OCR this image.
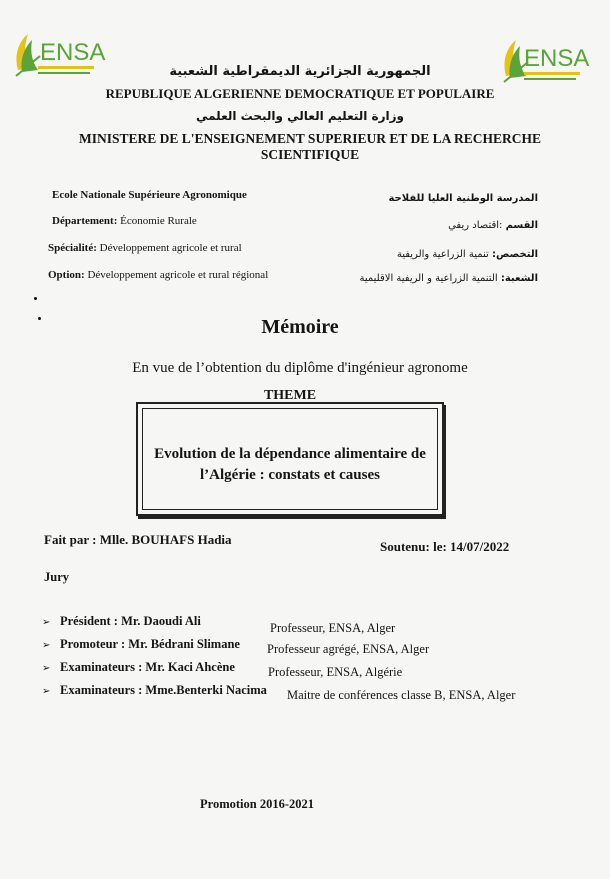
ENSA	ENSA
الجمهورية الجزائرية الديمقراطية الشعبية
REPUBLIQUE ALGERIENNE DEMOCRATIQUE ET POPULAIRE
وزارة التعليم العالي والبحث العلمي
MINISTERE DE L'ENSEIGNEMENT SUPERIEUR ET DE LA RECHERCHE
SCIENTIFIQUE
Ecole Nationale Supérieure Agronomique
Département: Économie Rurale
Spécialité: Développement agricole et rural
Option: Développement agricole et rural régional
المدرسة الوطنية العليا للفلاحة
القسم :اقتصاد ريفي
التخصص: تنمية الزراعية والريفية
الشعبة: التنمية الزراعية و الريفية الاقليمية
Mémoire
En vue de l’obtention du diplôme d'ingénieur agronome
THEME
Evolution de la dépendance alimentaire de
l’Algérie : constats et causes
Fait par : Mlle. BOUHAFS Hadia	Soutenu: le: 14/07/2022
Jury
➢ Président : Mr. Daoudi Ali	Professeur, ENSA, Alger
➢ Promoteur : Mr. Bédrani Slimane Professeur agrégé, ENSA, Alger
➢ Examinateurs : Mr. Kaci Ahcène	Professeur, ENSA, Algérie
➢ Examinateurs : Mme.Benterki Nacima Maitre de conférences classe B, ENSA, Alger
Promotion 2016-2021
